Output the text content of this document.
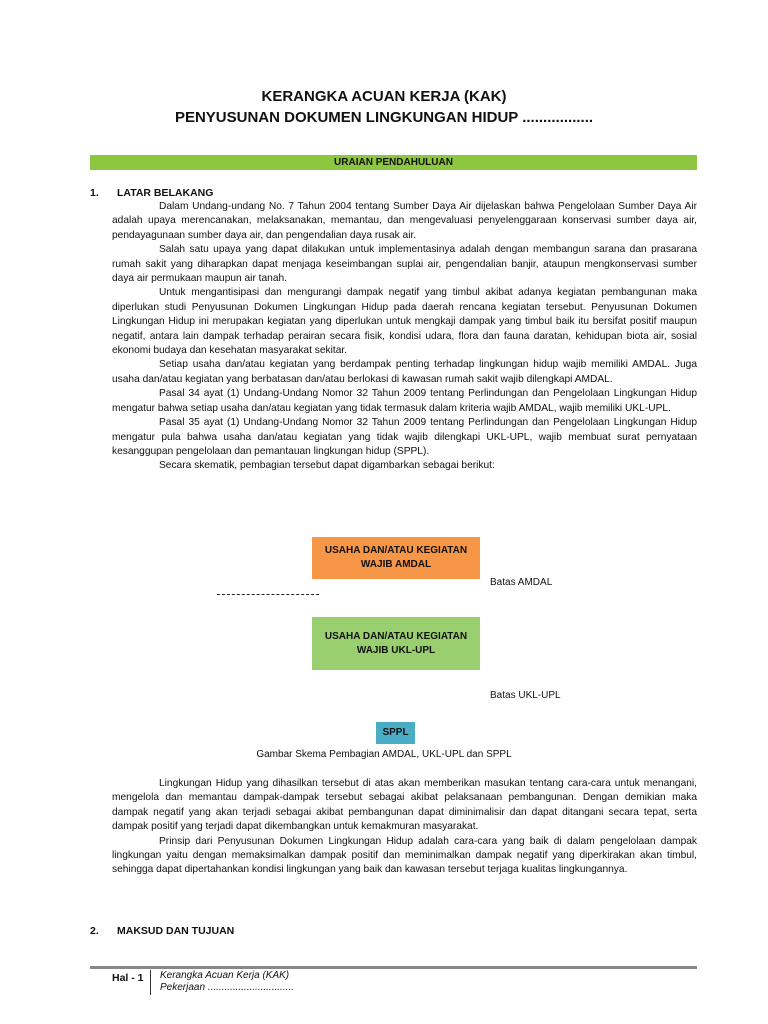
KERANGKA ACUAN KERJA (KAK)
PENYUSUNAN DOKUMEN LINGKUNGAN HIDUP .................
URAIAN PENDAHULUAN
1. LATAR BELAKANG

Dalam Undang-undang No. 7 Tahun 2004 tentang Sumber Daya Air dijelaskan bahwa Pengelolaan Sumber Daya Air adalah upaya merencanakan, melaksanakan, memantau, dan mengevaluasi penyelenggaraan konservasi sumber daya air, pendayagunaan sumber daya air, dan pengendalian daya rusak air.

Salah satu upaya yang dapat dilakukan untuk implementasinya adalah dengan membangun sarana dan prasarana rumah sakit yang diharapkan dapat menjaga keseimbangan suplai air, pengendalian banjir, ataupun mengkonservasi sumber daya air permukaan maupun air tanah.

Untuk mengantisipasi dan mengurangi dampak negatif yang timbul akibat adanya kegiatan pembangunan maka diperlukan studi Penyusunan Dokumen Lingkungan Hidup pada daerah rencana kegiatan tersebut. Penyusunan Dokumen Lingkungan Hidup ini merupakan kegiatan yang diperlukan untuk mengkaji dampak yang timbul baik itu bersifat positif maupun negatif, antara lain dampak terhadap perairan secara fisik, kondisi udara, flora dan fauna daratan, kehidupan biota air, sosial ekonomi budaya dan kesehatan masyarakat sekitar.

Setiap usaha dan/atau kegiatan yang berdampak penting terhadap lingkungan hidup wajib memiliki AMDAL. Juga usaha dan/atau kegiatan yang berbatasan dan/atau berlokasi di kawasan rumah sakit wajib dilengkapi AMDAL.

Pasal 34 ayat (1) Undang-Undang Nomor 32 Tahun 2009 tentang Perlindungan dan Pengelolaan Lingkungan Hidup mengatur bahwa setiap usaha dan/atau kegiatan yang tidak termasuk dalam kriteria wajib AMDAL, wajib memiliki UKL-UPL.

Pasal 35 ayat (1) Undang-Undang Nomor 32 Tahun 2009 tentang Perlindungan dan Pengelolaan Lingkungan Hidup mengatur pula bahwa usaha dan/atau kegiatan yang tidak wajib dilengkapi UKL-UPL, wajib membuat surat pernyataan kesanggupan pengelolaan dan pemantauan lingkungan hidup (SPPL).

Secara skematik, pembagian tersebut dapat digambarkan sebagai berikut:

USAHA DAN/ATAU KEGIATAN WAJIB AMDAL
Batas AMDAL
USAHA DAN/ATAU KEGIATAN WAJIB UKL-UPL
Batas UKL-UPL
SPPL
Gambar Skema Pembagian AMDAL, UKL-UPL dan SPPL

Lingkungan Hidup yang dihasilkan tersebut di atas akan memberikan masukan tentang cara-cara untuk menangani, mengelola dan memantau dampak-dampak tersebut sebagai akibat pelaksanaan pembangunan. Dengan demikian maka dampak negatif yang akan terjadi sebagai akibat pembangunan dapat diminimalisir dan dapat ditangani secara tepat, serta dampak positif yang terjadi dapat dikembangkan untuk kemakmuran masyarakat.

Prinsip dari Penyusunan Dokumen Lingkungan Hidup adalah cara-cara yang baik di dalam pengelolaan dampak lingkungan yaitu dengan memaksimalkan dampak positif dan meminimalkan dampak negatif yang diperkirakan akan timbul, sehingga dapat dipertahankan kondisi lingkungan yang baik dan kawasan tersebut terjaga kualitas lingkungannya.

2. MAKSUD DAN TUJUAN
Hal - 1 Kerangka Acuan Kerja (KAK)
Pekerjaan ...............................
